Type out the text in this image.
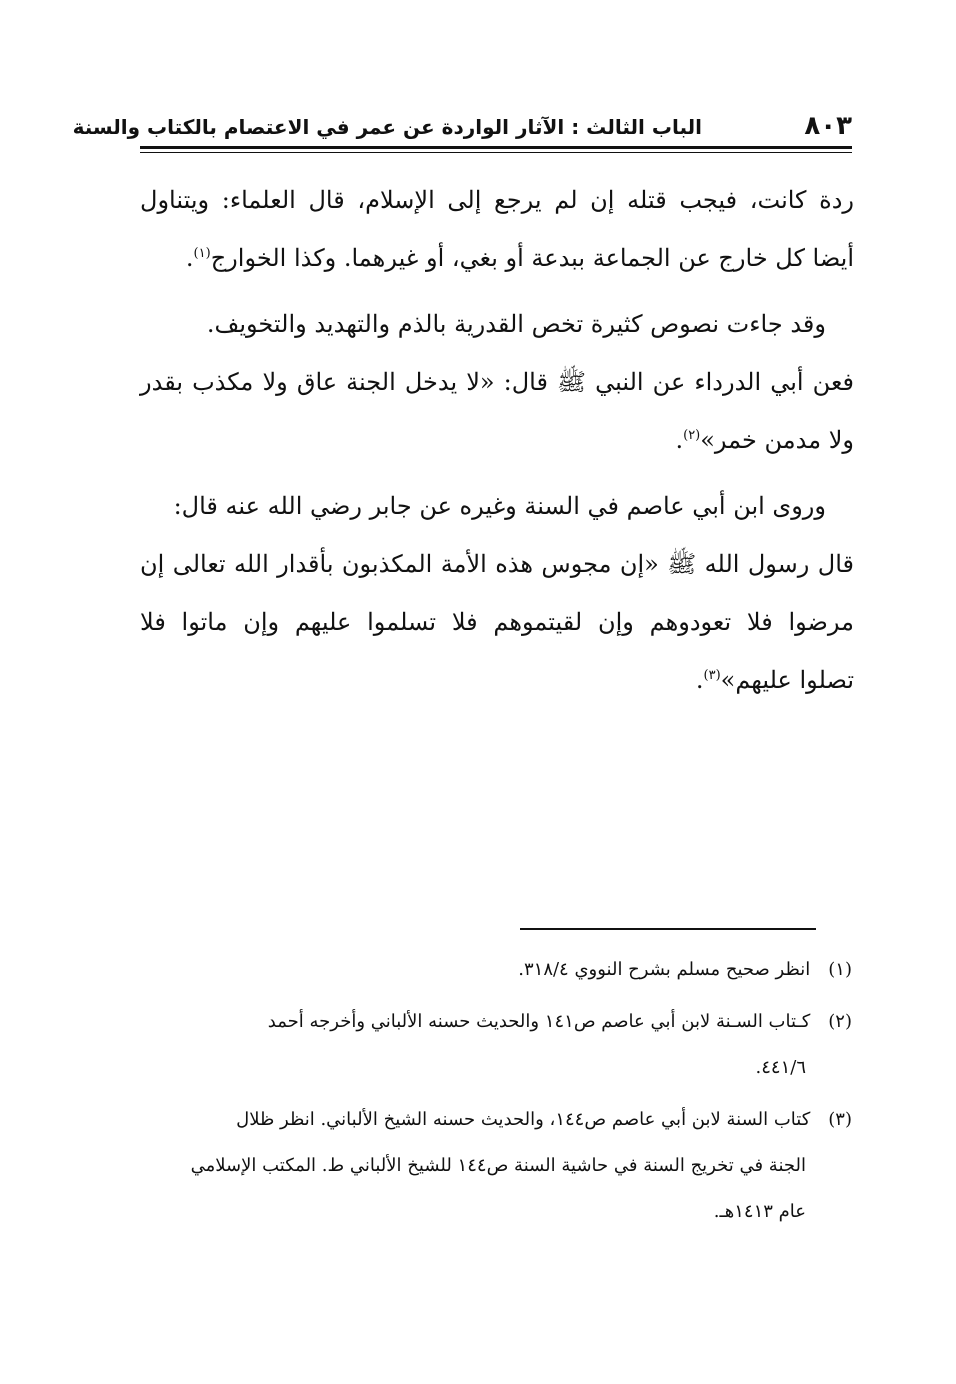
٨٠٣
الباب الثالث : الآثار الواردة عن عمر في الاعتصام بالكتاب والسنة
ردة كانت، فيجب قتله إن لم يرجع إلى الإسلام، قال العلماء: ويتناول
أيضا كل خارج عن الجماعة ببدعة أو بغي، أو غيرهما. وكذا الخوارج$^{(١)}$.
وقد جاءت نصوص كثيرة تخص القدرية بالذم والتهديد والتخويف.
فعن أبي الدرداء عن النبي ﷺ قال: «لا يدخل الجنة عاق ولا مكذب بقدر
ولا مدمن خمر»$^{(٢)}$.
وروى ابن أبي عاصم في السنة وغيره عن جابر رضي الله عنه قال:
قال رسول الله ﷺ «إن مجوس هذه الأمة المكذبون بأقدار الله تعالى إن
مرضوا فلا تعودوهم وإن لقيتموهم فلا تسلموا عليهم وإن ماتوا فلا
تصلوا عليهم»$^{(٣)}$.
(١) انظر صحيح مسلم بشرح النووي ٣١٨/٤.
(٢) كـتاب السـنة لابن أبي عاصم ص١٤١ والحديث حسنه الألباني وأخرجه أحمد
٤٤١/٦.
(٣) كتاب السنة لابن أبي عاصم ص١٤٤، والحديث حسنه الشيخ الألباني. انظر ظلال
الجنة في تخريج السنة في حاشية السنة ص١٤٤ للشيخ الألباني ط. المكتب الإسلامي
عام ١٤١٣هـ.
